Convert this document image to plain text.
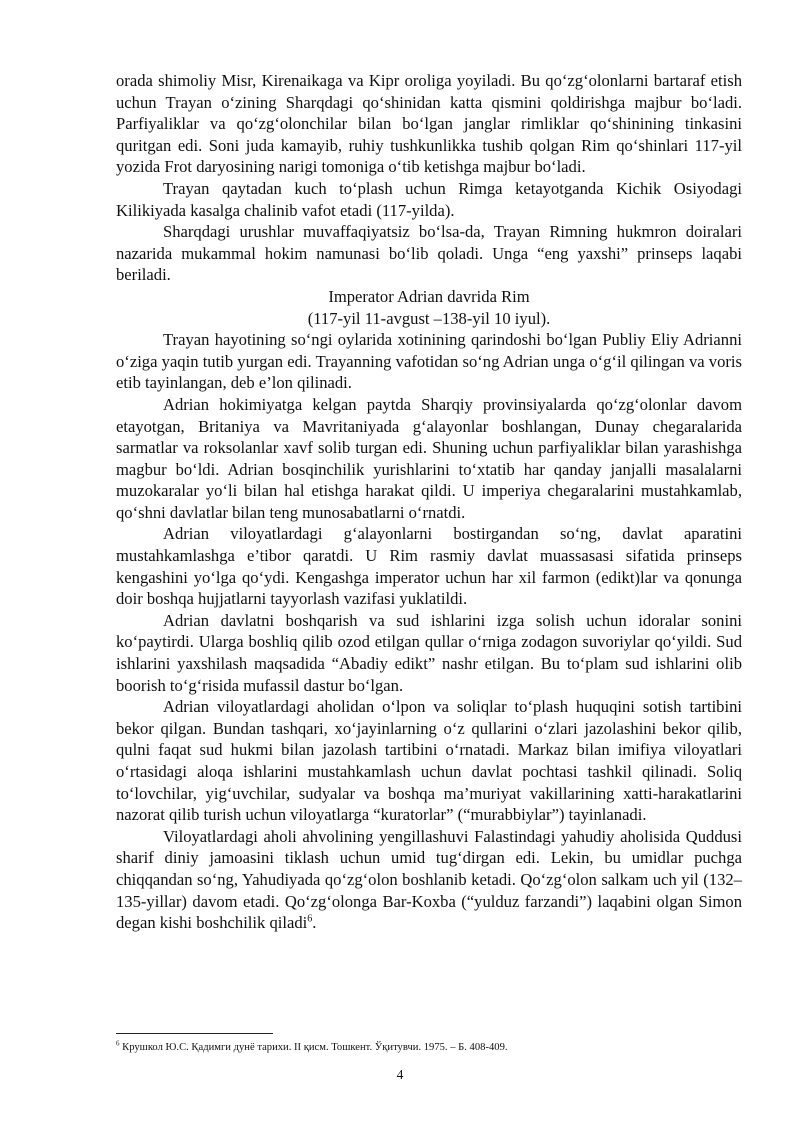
orada shimoliy Misr, Kirenaikaga va Kipr oroliga yoyiladi. Bu qo‘zg‘olonlarni bartaraf etish uchun Trayan o‘zining Sharqdagi qo‘shinidan katta qismini qoldirishga majbur bo‘ladi. Parfiyaliklar va qo‘zg‘olonchilar bilan bo‘lgan janglar rimliklar qo‘shinining tinkasini quritgan edi. Soni juda kamayib, ruhiy tushkunlikka tushib qolgan Rim qo‘shinlari 117-yil yozida Frot daryosining narigi tomoniga o‘tib ketishga majbur bo‘ladi.

Trayan qaytadan kuch to‘plash uchun Rimga ketayotganda Kichik Osiyodagi Kilikiyada kasalga chalinib vafot etadi (117-yilda).

Sharqdagi urushlar muvaffaqiyatsiz bo‘lsa-da, Trayan Rimning hukmron doiralari nazarida mukammal hokim namunasi bo‘lib qoladi. Unga “eng yaxshi” prinseps laqabi beriladi.

Imperator Adrian davrida Rim

(117-yil 11-avgust –138-yil 10 iyul).

Trayan hayotining so‘ngi oylarida xotinining qarindoshi bo‘lgan Publiy Eliy Adrianni o‘ziga yaqin tutib yurgan edi. Trayanning vafotidan so‘ng Adrian unga o‘g‘il qilingan va voris etib tayinlangan, deb e’lon qilinadi.

Adrian hokimiyatga kelgan paytda Sharqiy provinsiyalarda qo‘zg‘olonlar davom etayotgan, Britaniya va Mavritaniyada g‘alayonlar boshlangan, Dunay chegaralarida sarmatlar va roksolanlar xavf solib turgan edi. Shuning uchun parfiyaliklar bilan yarashishga magbur bo‘ldi. Adrian bosqinchilik yurishlarini to‘xtatib har qanday janjalli masalalarni muzokaralar yo‘li bilan hal etishga harakat qildi. U imperiya chegaralarini mustahkamlab, qo‘shni davlatlar bilan teng munosabatlarni o‘rnatdi.

Adrian viloyatlardagi g‘alayonlarni bostirgandan so‘ng, davlat aparatini mustahkamlashga e’tibor qaratdi. U Rim rasmiy davlat muassasasi sifatida prinseps kengashini yo‘lga qo‘ydi. Kengashga imperator uchun har xil farmon (edikt)lar va qonunga doir boshqa hujjatlarni tayyorlash vazifasi yuklatildi.

Adrian davlatni boshqarish va sud ishlarini izga solish uchun idoralar sonini ko‘paytirdi. Ularga boshliq qilib ozod etilgan qullar o‘rniga zodagon suvoriylar qo‘yildi. Sud ishlarini yaxshilash maqsadida “Abadiy edikt” nashr etilgan. Bu to‘plam sud ishlarini olib boorish to‘g‘risida mufassil dastur bo‘lgan.

Adrian viloyatlardagi aholidan o‘lpon va soliqlar to‘plash huquqini sotish tartibini bekor qilgan. Bundan tashqari, xo‘jayinlarning o‘z qullarini o‘zlari jazolashini bekor qilib, qulni faqat sud hukmi bilan jazolash tartibini o‘rnatadi. Markaz bilan imifiya viloyatlari o‘rtasidagi aloqa ishlarini mustahkamlash uchun davlat pochtasi tashkil qilinadi. Soliq to‘lovchilar, yig‘uvchilar, sudyalar va boshqa ma’muriyat vakillarining xatti-harakatlarini nazorat qilib turish uchun viloyatlarga “kuratorlar” (“murabbiylar”) tayinlanadi.

Viloyatlardagi aholi ahvolining yengillashuvi Falastindagi yahudiy aholisida Quddusi sharif diniy jamoasini tiklash uchun umid tug‘dirgan edi. Lekin, bu umidlar puchga chiqqandan so‘ng, Yahudiyada qo‘zg‘olon boshlanib ketadi. Qo‘zg‘olon salkam uch yil (132–135-yillar) davom etadi. Qo‘zg‘olonga Bar-Koxba (“yulduz farzandi”) laqabini olgan Simon degan kishi boshchilik qiladi$^6$.

$^6$ Крушкол Ю.С. Қадимги дунё тарихи. II қисм. Тошкент. Ўқитувчи. 1975. – Б. 408-409.
4
